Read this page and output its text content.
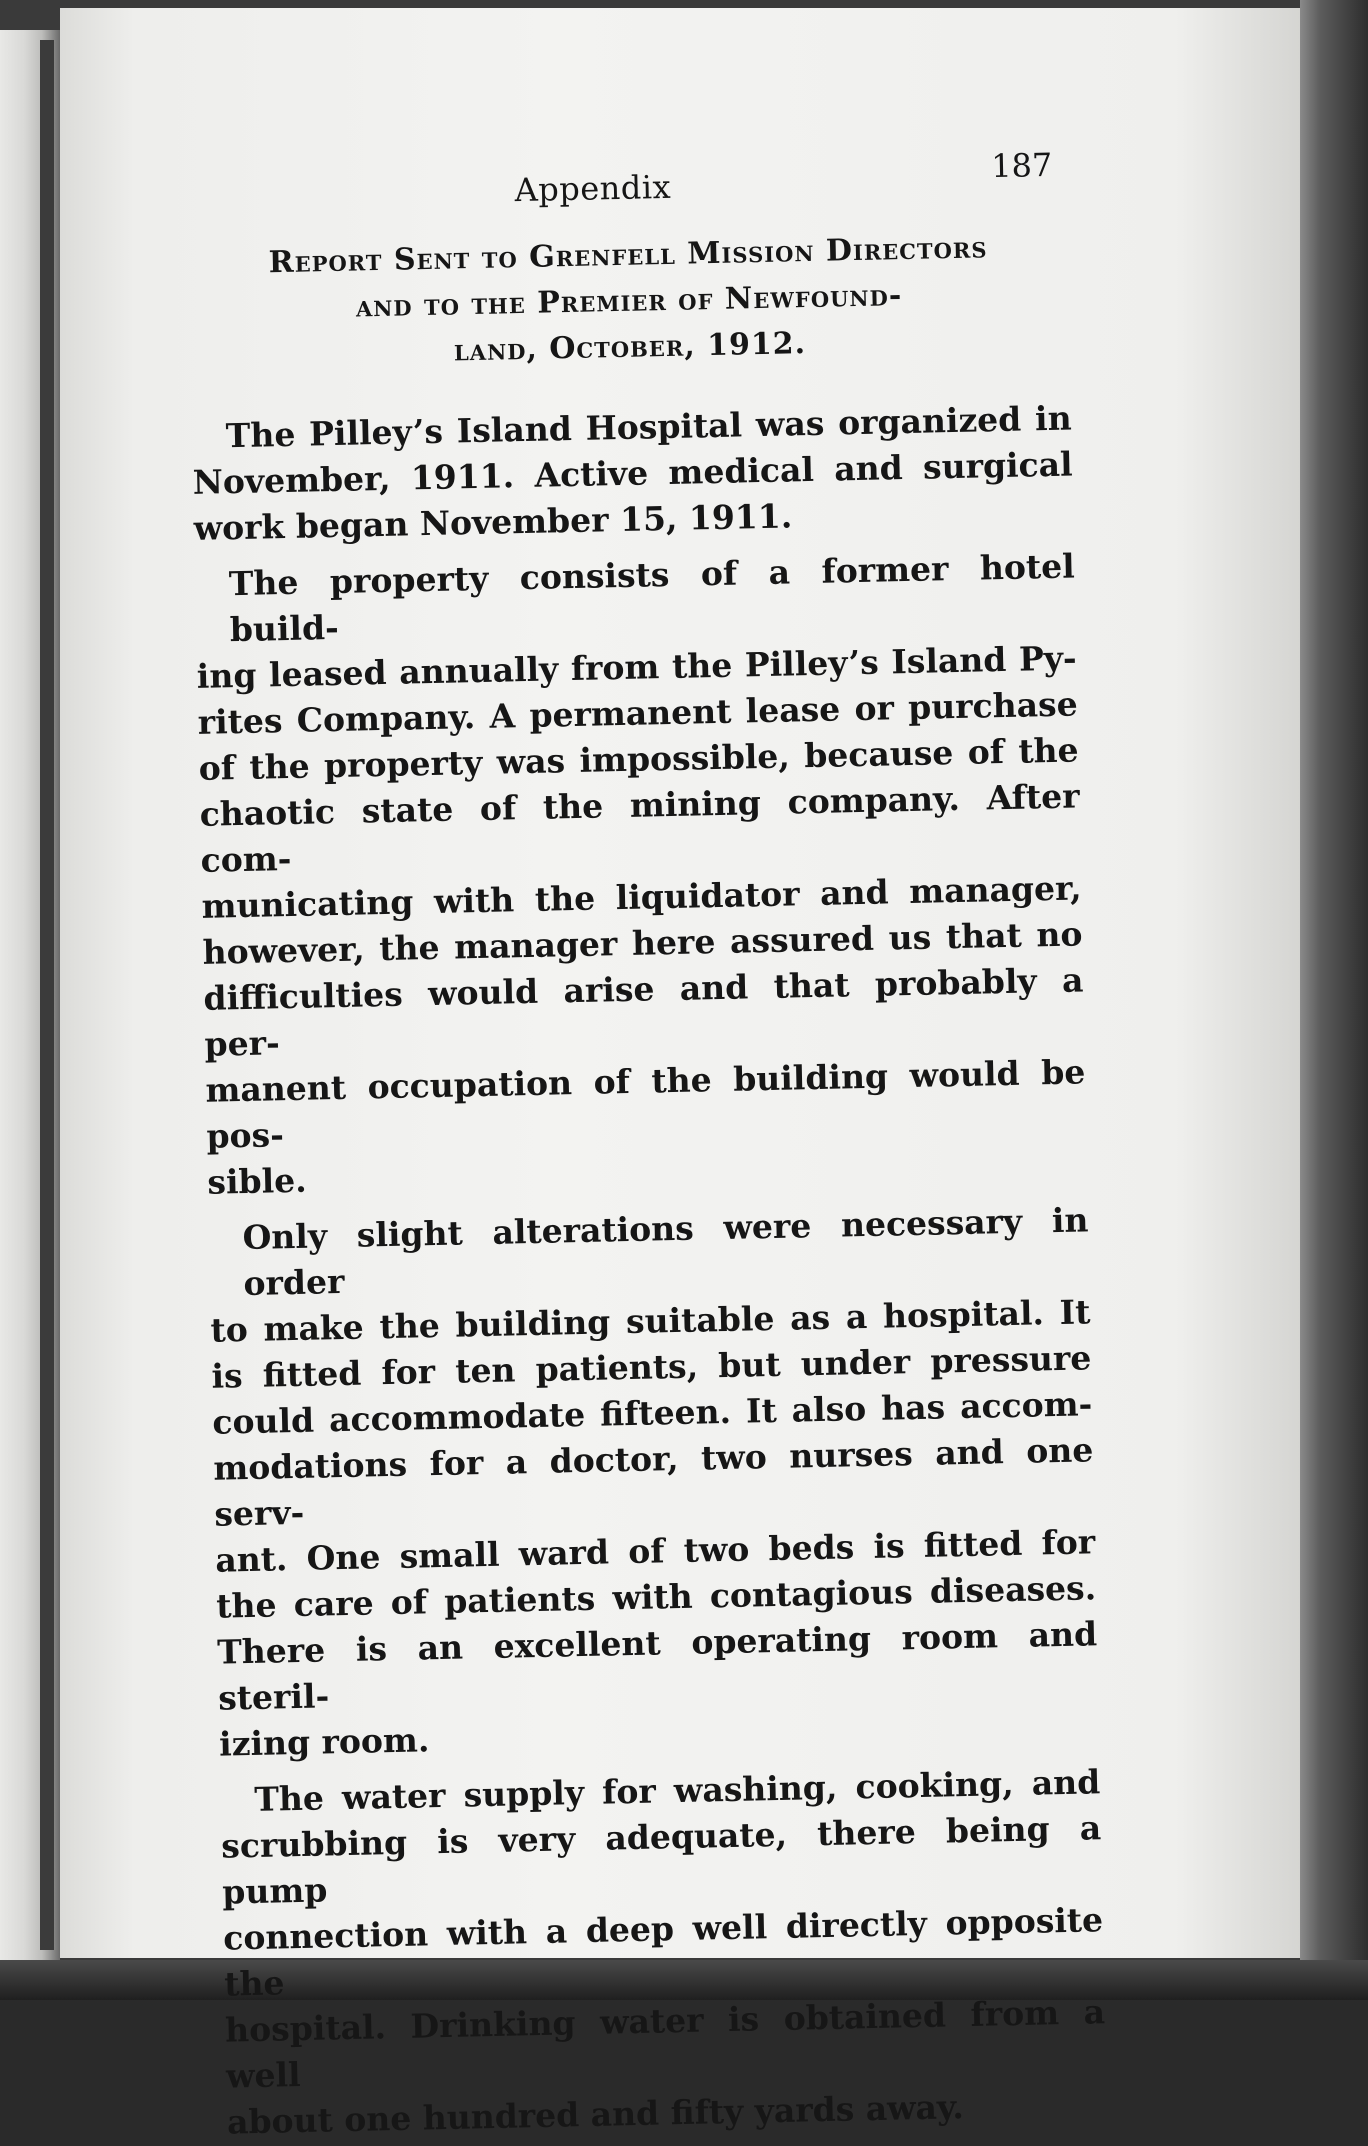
Appendix
187
Report Sent to Grenfell Mission Directors
and to the Premier of Newfound-
land, October, 1912.

The Pilley’s Island Hospital was organized in
November, 1911. Active medical and surgical
work began November 15, 1911.

The property consists of a former hotel build-
ing leased annually from the Pilley’s Island Py-
rites Company. A permanent lease or purchase
of the property was impossible, because of the
chaotic state of the mining company. After com-
municating with the liquidator and manager,
however, the manager here assured us that no
difficulties would arise and that probably a per-
manent occupation of the building would be pos-
sible.

Only slight alterations were necessary in order
to make the building suitable as a hospital. It
is fitted for ten patients, but under pressure
could accommodate fifteen. It also has accom-
modations for a doctor, two nurses and one serv-
ant. One small ward of two beds is fitted for
the care of patients with contagious diseases.
There is an excellent operating room and steril-
izing room.

The water supply for washing, cooking, and
scrubbing is very adequate, there being a pump
connection with a deep well directly opposite the
hospital. Drinking water is obtained from a well
about one hundred and fifty yards away.
